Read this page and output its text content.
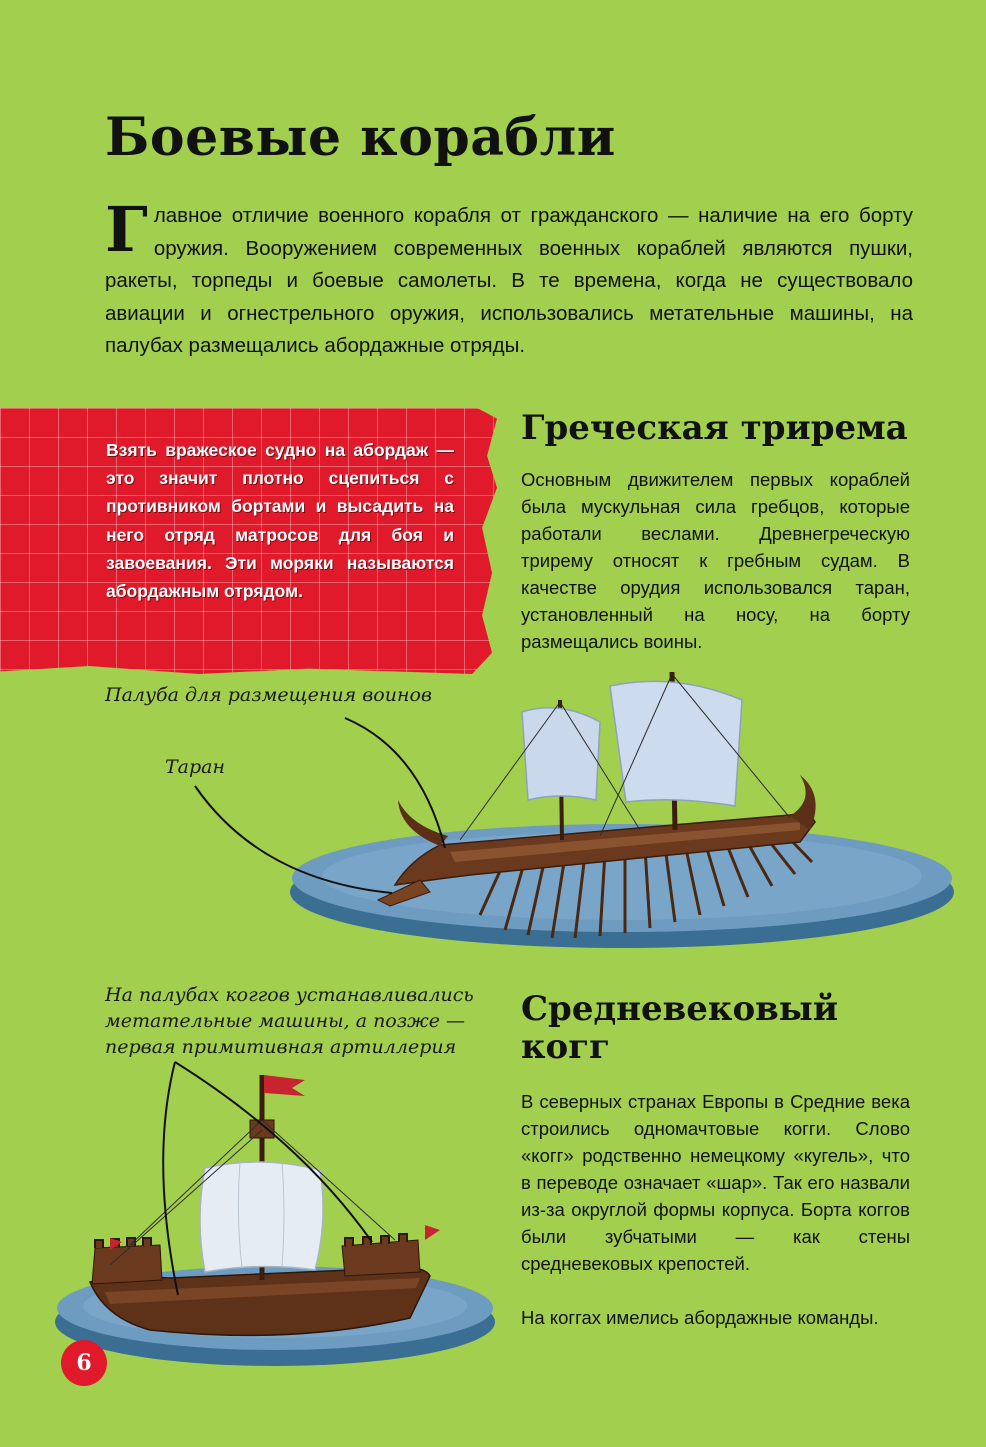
Боевые корабли

Главное отличие военного корабля от гражданского — наличие на его борту оружия. Вооружением современных военных кораблей являются пушки, ракеты, торпеды и боевые самолеты. В те времена, когда не существовало авиации и огнестрельного оружия, использовались метательные машины, на палубах размещались абордажные отряды.

Взять вражеское судно на абордаж — это значит плотно сцепиться с противником бортами и высадить на него отряд матросов для боя и завоевания. Эти моряки называются абордажным отрядом.

Греческая трирема

Основным движителем первых кораблей была мускульная сила гребцов, которые работали веслами. Древнегреческую трирему относят к гребным судам. В качестве орудия использовался таран, установленный на носу, на борту размещались воины.

Палуба для размещения воинов

Таран

На палубах коггов устанавливались
метательные машины, а позже —
первая примитивная артиллерия

Средневековый
когг

В северных странах Европы в Средние века строились одномачтовые когги. Слово «когг» родственно немецкому «кугель», что в переводе означает «шар». Так его назвали из-за округлой формы корпуса. Борта коггов были зубчатыми — как стены средневековых крепостей.

На коггах имелись абордажные команды.

6
